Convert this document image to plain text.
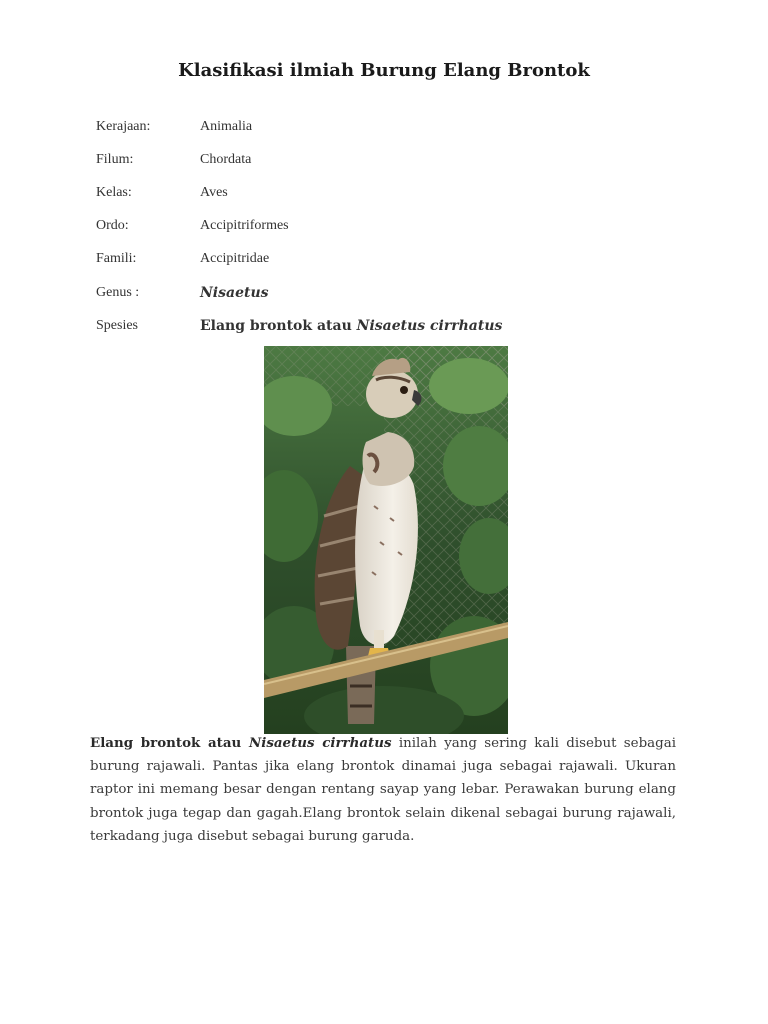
Klasifikasi ilmiah Burung Elang Brontok
Kerajaan:	Animalia
Filum:	Chordata
Kelas:	Aves
Ordo:	Accipitriformes
Famili:	Accipitridae
Genus :	Nisaetus
Spesies	Elang brontok atau Nisaetus cirrhatus

Elang brontok atau Nisaetus cirrhatus inilah yang sering kali disebut sebagai burung rajawali. Pantas jika elang brontok dinamai juga sebagai rajawali. Ukuran raptor ini memang besar dengan rentang sayap yang lebar. Perawakan burung elang brontok juga tegap dan gagah.Elang brontok selain dikenal sebagai burung rajawali, terkadang juga disebut sebagai burung garuda.
